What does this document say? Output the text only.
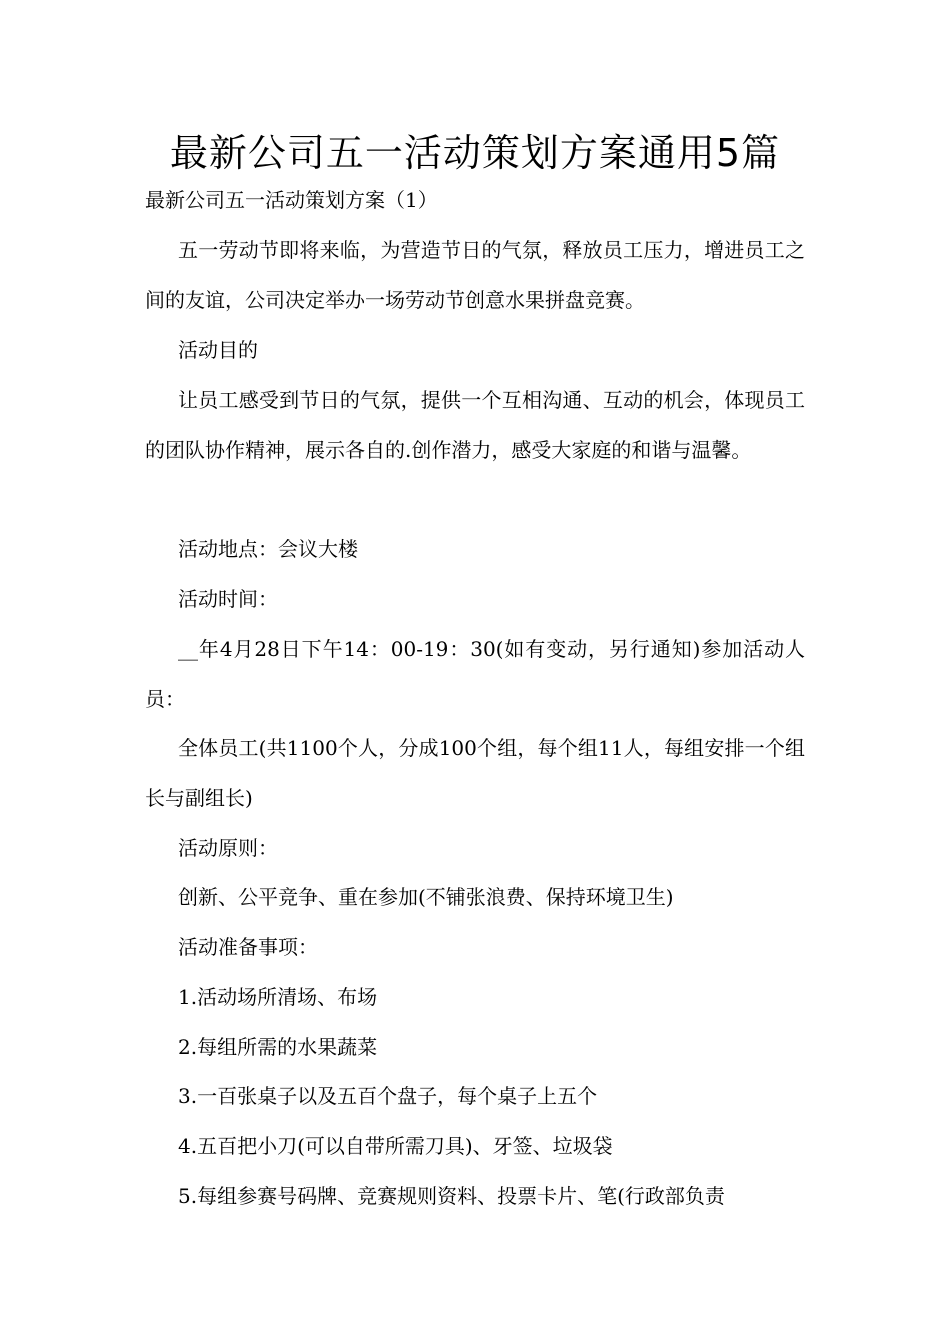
最新公司五一活动策划方案通用5篇

最新公司五一活动策划方案（1）

五一劳动节即将来临，为营造节日的气氛，释放员工压力，增进员工之间的友谊，公司决定举办一场劳动节创意水果拼盘竞赛。

活动目的

让员工感受到节日的气氛，提供一个互相沟通、互动的机会，体现员工的团队协作精神，展示各自的.创作潜力，感受大家庭的和谐与温馨。

活动地点：会议大楼

活动时间：

__年4月28日下午14：00-19：30(如有变动，另行通知)参加活动人员：

全体员工(共1100个人，分成100个组，每个组11人，每组安排一个组长与副组长)

活动原则：

创新、公平竞争、重在参加(不铺张浪费、保持环境卫生)

活动准备事项：

1.活动场所清场、布场

2.每组所需的水果蔬菜

3.一百张桌子以及五百个盘子，每个桌子上五个

4.五百把小刀(可以自带所需刀具)、牙签、垃圾袋

5.每组参赛号码牌、竞赛规则资料、投票卡片、笔(行政部负责
